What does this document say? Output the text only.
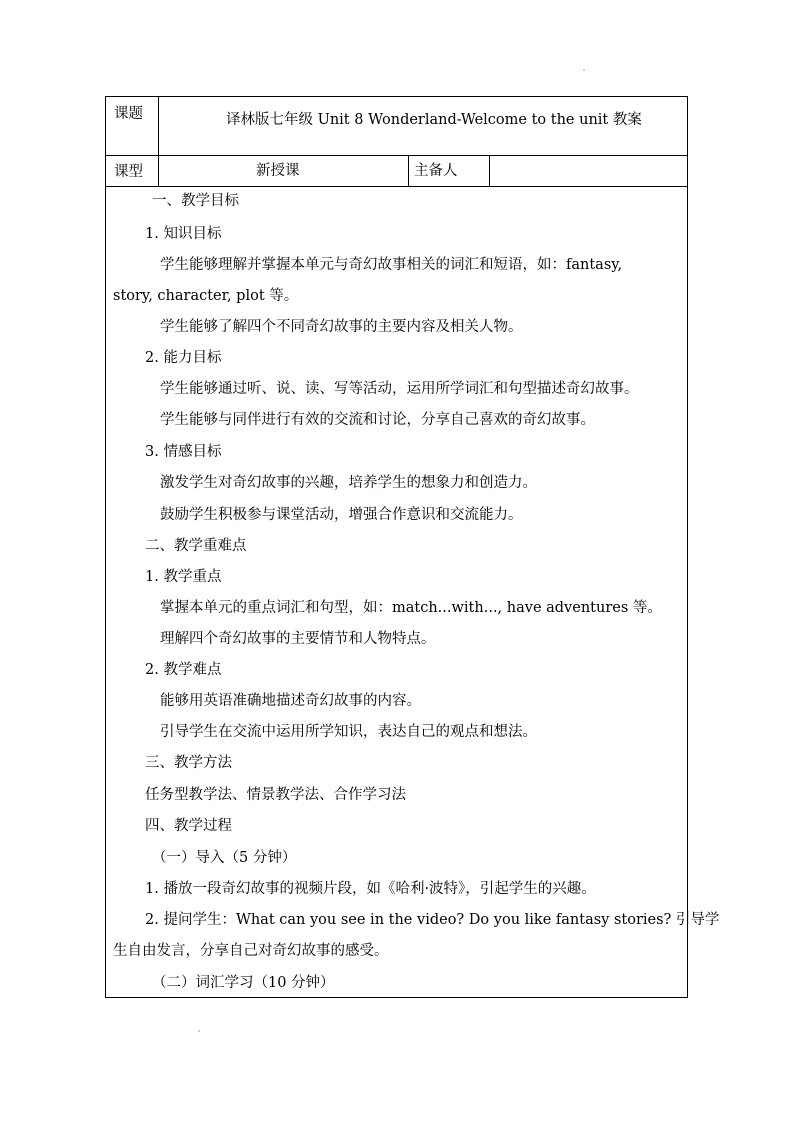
课题	译林版七年级 Unit 8 Wonderland-Welcome to the unit 教案
课型	新授课	主备人
一、教学目标
1. 知识目标
学生能够理解并掌握本单元与奇幻故事相关的词汇和短语，如：fantasy,
story, character, plot 等。
学生能够了解四个不同奇幻故事的主要内容及相关人物。
2. 能力目标
学生能够通过听、说、读、写等活动，运用所学词汇和句型描述奇幻故事。
学生能够与同伴进行有效的交流和讨论，分享自己喜欢的奇幻故事。
3. 情感目标
激发学生对奇幻故事的兴趣，培养学生的想象力和创造力。
鼓励学生积极参与课堂活动，增强合作意识和交流能力。
二、教学重难点
1. 教学重点
掌握本单元的重点词汇和句型，如：match...with..., have adventures 等。
理解四个奇幻故事的主要情节和人物特点。
2. 教学难点
能够用英语准确地描述奇幻故事的内容。
引导学生在交流中运用所学知识，表达自己的观点和想法。
三、教学方法
任务型教学法、情景教学法、合作学习法
四、教学过程
（一）导入（5 分钟）
1. 播放一段奇幻故事的视频片段，如《哈利·波特》，引起学生的兴趣。
2. 提问学生：What can you see in the video? Do you like fantasy stories? 引导学
生自由发言，分享自己对奇幻故事的感受。
（二）词汇学习（10 分钟）
